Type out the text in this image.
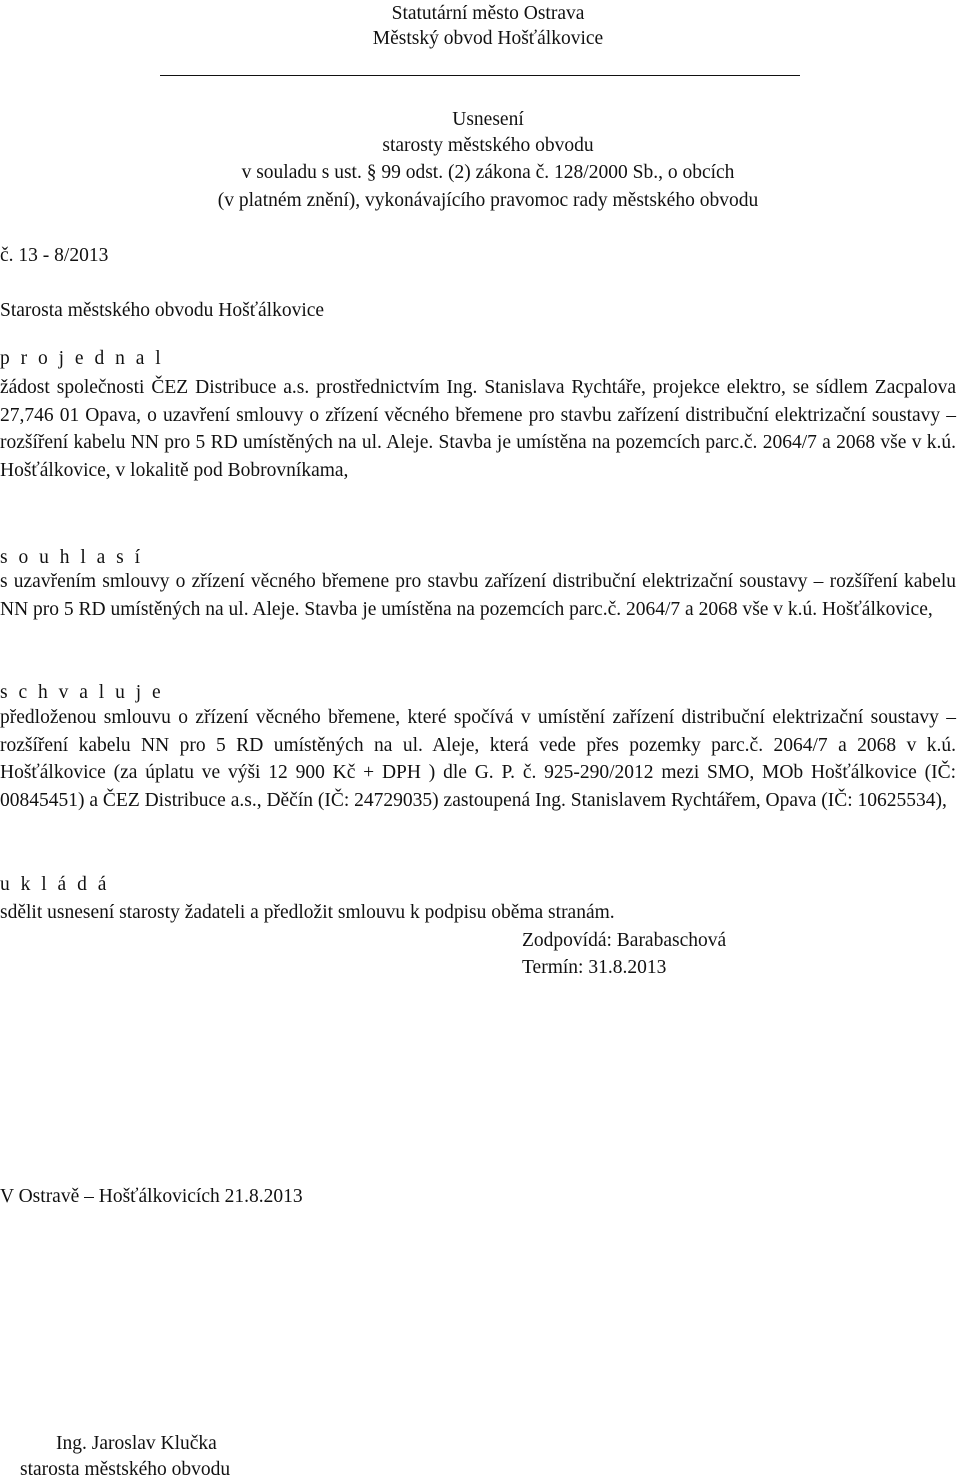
Statutární město Ostrava
Městský obvod Hošťálkovice
Usnesení
starosty městského obvodu
v souladu s ust. § 99 odst. (2) zákona č. 128/2000 Sb., o obcích
(v platném znění), vykonávajícího pravomoc rady městského obvodu
č. 13 - 8/2013
Starosta městského obvodu Hošťálkovice
p r o j e d n a l
žádost společnosti ČEZ Distribuce a.s. prostřednictvím Ing. Stanislava Rychtáře, projekce elektro, se sídlem Zacpalova 27,746 01 Opava, o uzavření smlouvy o zřízení věcného břemene pro stavbu zařízení distribuční elektrizační soustavy – rozšíření kabelu NN pro 5 RD umístěných na ul. Aleje. Stavba je umístěna na pozemcích parc.č. 2064/7 a 2068 vše v k.ú. Hošťálkovice, v lokalitě pod Bobrovníkama,
s o u h l a s í
s uzavřením smlouvy o zřízení věcného břemene pro stavbu zařízení distribuční elektrizační soustavy – rozšíření kabelu NN pro 5 RD umístěných na ul. Aleje. Stavba je umístěna na pozemcích parc.č. 2064/7 a 2068 vše v k.ú. Hošťálkovice,
s c h v a l u j e
předloženou smlouvu o zřízení věcného břemene, které spočívá v umístění zařízení distribuční elektrizační soustavy – rozšíření kabelu NN pro 5 RD umístěných na ul. Aleje, která vede přes pozemky parc.č. 2064/7 a 2068 v k.ú. Hošťálkovice (za úplatu ve výši 12 900 Kč + DPH ) dle G. P. č. 925-290/2012 mezi SMO, MOb Hošťálkovice (IČ: 00845451) a ČEZ Distribuce a.s., Děčín (IČ: 24729035) zastoupená Ing. Stanislavem Rychtářem, Opava (IČ: 10625534),
u k l á d á
sdělit usnesení starosty žadateli a předložit smlouvu k podpisu oběma stranám.
Zodpovídá: Barabaschová
Termín: 31.8.2013
V Ostravě – Hošťálkovicích 21.8.2013
Ing. Jaroslav Klučka
starosta městského obvodu
